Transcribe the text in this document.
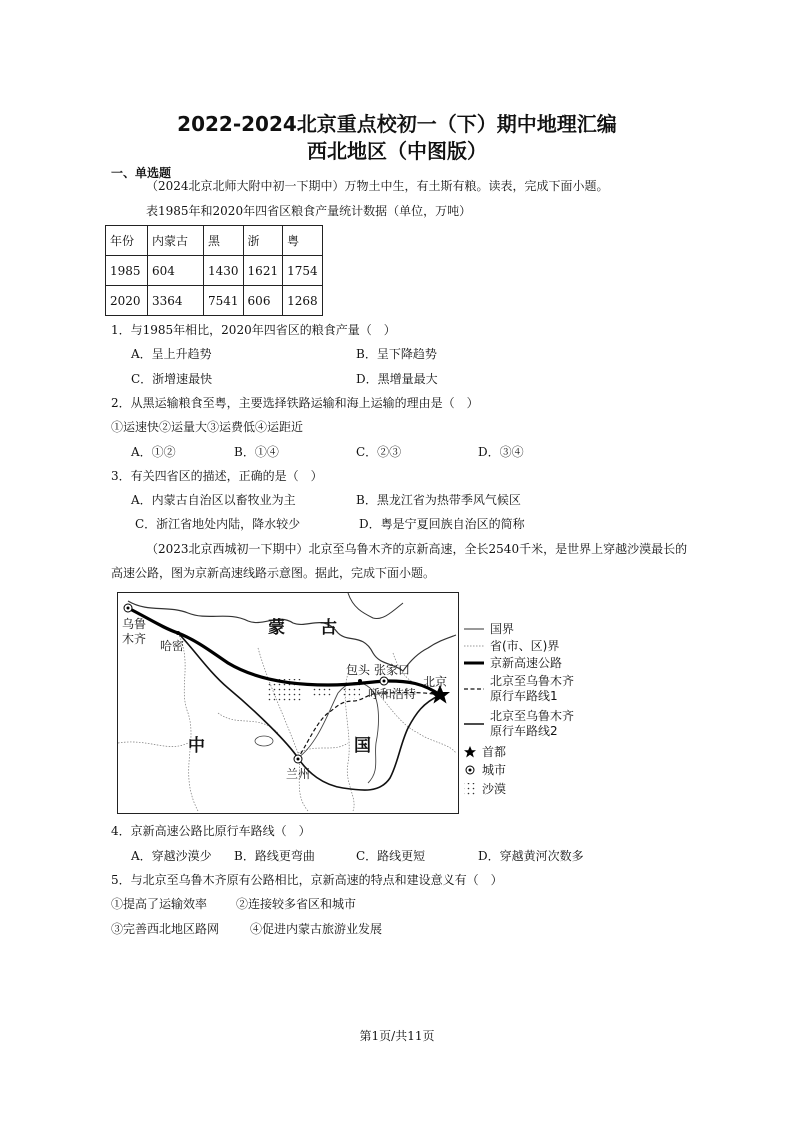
2022-2024北京重点校初一（下）期中地理汇编
西北地区（中图版）
一、单选题
（2024北京北师大附中初一下期中）万物土中生，有土斯有粮。读表，完成下面小题。
表1985年和2020年四省区粮食产量统计数据（单位，万吨）
年份	内蒙古	黑	浙	粤
1985	604	1430	1621	1754
2020	3364	7541	606	1268
1．与1985年相比，2020年四省区的粮食产量（　）
A．呈上升趋势	B．呈下降趋势
C．浙增速最快	D．黑增量最大
2．从黑运输粮食至粤，主要选择铁路运输和海上运输的理由是（　）
①运速快②运量大③运费低④运距近
A．①②	B．①④	C．②③	D．③④
3．有关四省区的描述，正确的是（　）
A．内蒙古自治区以畜牧业为主	B．黑龙江省为热带季风气候区
C．浙江省地处内陆，降水较少	D．粤是宁夏回族自治区的简称
（2023北京西城初一下期中）北京至乌鲁木齐的京新高速，全长2540千米，是世界上穿越沙漠最长的
高速公路，图为京新高速线路示意图。据此，完成下面小题。
乌鲁
木齐 哈密
蒙 古
包头 张家口
呼和浩特
北京
兰州
中	国
国界
省(市、区)界
京新高速公路
北京至乌鲁木齐
原行车路线1
北京至乌鲁木齐
原行车路线2
首都
城市
沙漠
4．京新高速公路比原行车路线（　）
A．穿越沙漠少 B．路线更弯曲	C．路线更短	D．穿越黄河次数多
5．与北京至乌鲁木齐原有公路相比，京新高速的特点和建设意义有（　）
①提高了运输效率 ②连接较多省区和城市
③完善西北地区路网	④促进内蒙古旅游业发展
第1页/共11页
